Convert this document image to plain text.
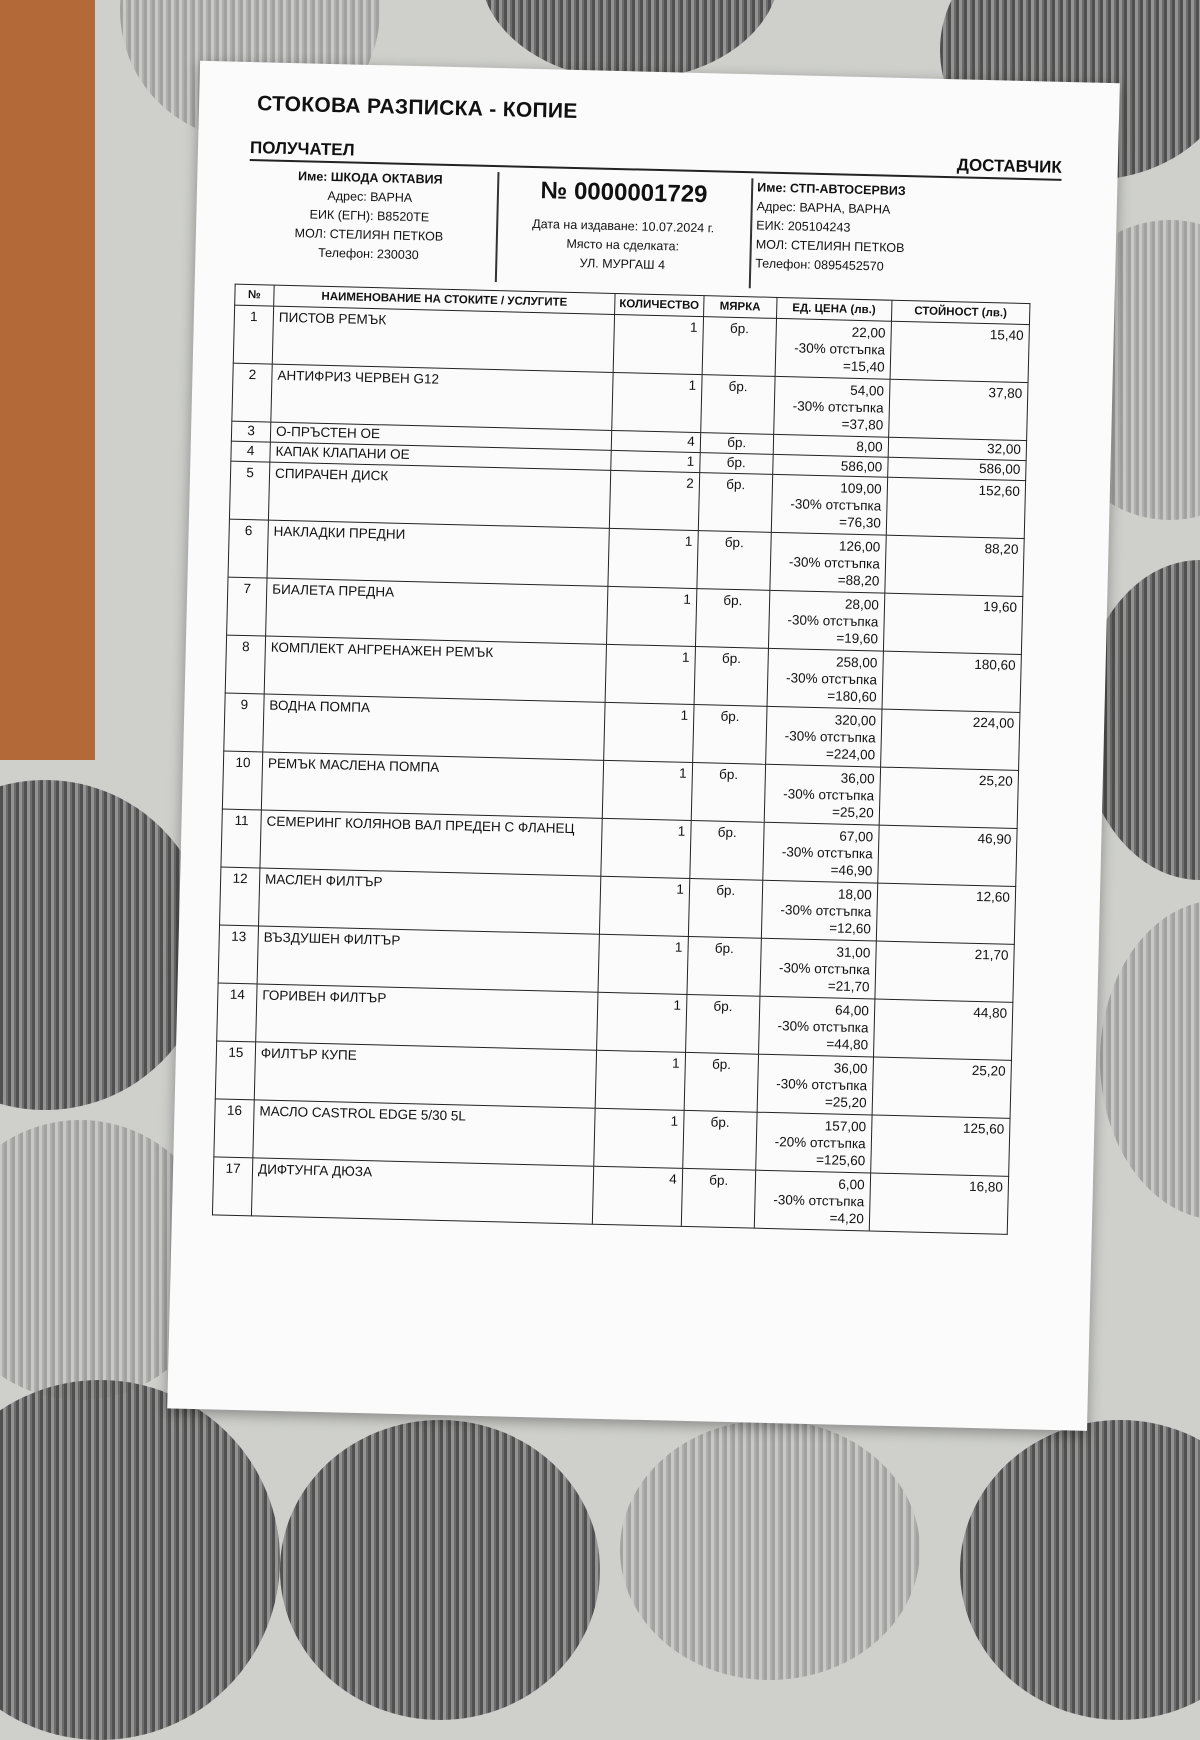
СТОКОВА РАЗПИСКА - КОПИЕ
ПОЛУЧАТЕЛ
ДОСТАВЧИК
Име: ШКОДА ОКТАВИЯ
Адрес: ВАРНА
ЕИК (ЕГН): В8520ТЕ
МОЛ: СТЕЛИЯН ПЕТКОВ
Телефон: 230030
№ 0000001729
Дата на издаване: 10.07.2024 г.
Място на сделката:
УЛ. МУРГАШ 4
Име: СТП-АВТОСЕРВИЗ
Адрес: ВАРНА, ВАРНА
ЕИК: 205104243
МОЛ: СТЕЛИЯН ПЕТКОВ
Телефон: 0895452570
№	НАИМЕНОВАНИЕ НА СТОКИТЕ / УСЛУГИТЕ	КОЛИЧЕСТВО	МЯРКА	ЕД. ЦЕНА (лв.)	СТОЙНОСТ (лв.)
1	ПИСТОВ РЕМЪК	1	бр.	22,00
-30% отстъпка
=15,40	15,40
2	АНТИФРИЗ ЧЕРВЕН G12	1	бр.	54,00
-30% отстъпка
=37,80	37,80
3	О-ПРЪСТЕН ОЕ	4	бр.	8,00	32,00
4	КАПАК КЛАПАНИ ОЕ	1	бр.	586,00	586,00
5	СПИРАЧЕН ДИСК	2	бр.	109,00
-30% отстъпка
=76,30	152,60
6	НАКЛАДКИ ПРЕДНИ	1	бр.	126,00
-30% отстъпка
=88,20	88,20
7	БИАЛЕТА ПРЕДНА	1	бр.	28,00
-30% отстъпка
=19,60	19,60
8	КОМПЛЕКТ АНГРЕНАЖЕН РЕМЪК	1	бр.	258,00
-30% отстъпка
=180,60	180,60
9	ВОДНА ПОМПА	1	бр.	320,00
-30% отстъпка
=224,00	224,00
10	РЕМЪК МАСЛЕНА ПОМПА	1	бр.	36,00
-30% отстъпка
=25,20	25,20
11	СЕМЕРИНГ КОЛЯНОВ ВАЛ ПРЕДЕН С ФЛАНЕЦ	1	бр.	67,00
-30% отстъпка
=46,90	46,90
12	МАСЛЕН ФИЛТЪР	1	бр.	18,00
-30% отстъпка
=12,60	12,60
13	ВЪЗДУШЕН ФИЛТЪР	1	бр.	31,00
-30% отстъпка
=21,70	21,70
14	ГОРИВЕН ФИЛТЪР	1	бр.	64,00
-30% отстъпка
=44,80	44,80
15	ФИЛТЪР КУПЕ	1	бр.	36,00
-30% отстъпка
=25,20	25,20
16	МАСЛО CASTROL EDGE 5/30 5L	1	бр.	157,00
-20% отстъпка
=125,60	125,60
17	ДИФТУНГА ДЮЗА	4	бр.	6,00
-30% отстъпка
=4,20	16,80
